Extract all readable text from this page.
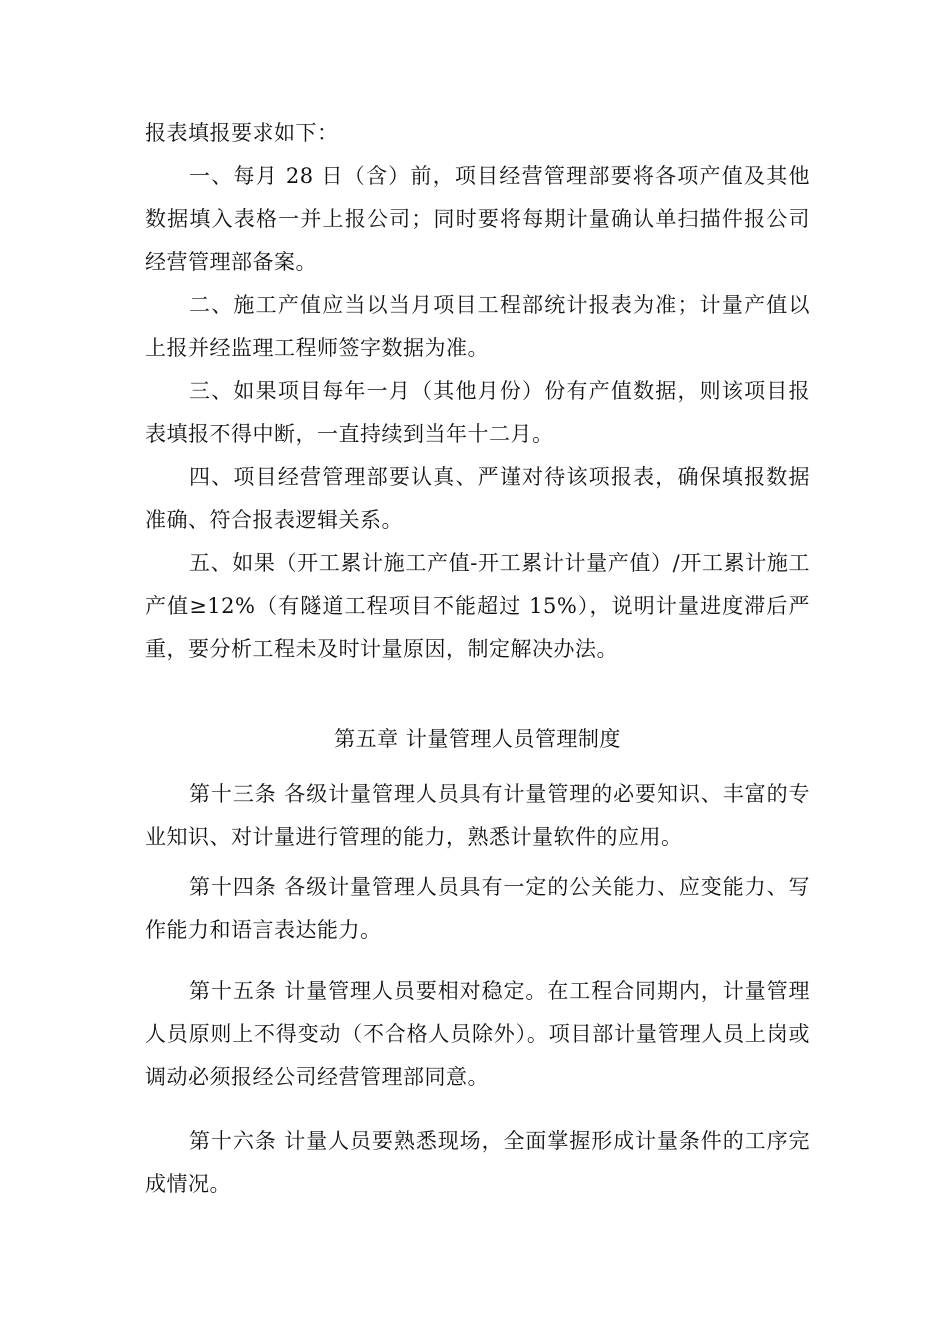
报表填报要求如下：

一、每月 28 日（含）前，项目经营管理部要将各项产值及其他数据填入表格一并上报公司；同时要将每期计量确认单扫描件报公司经营管理部备案。

二、施工产值应当以当月项目工程部统计报表为准；计量产值以上报并经监理工程师签字数据为准。

三、如果项目每年一月（其他月份）份有产值数据，则该项目报表填报不得中断，一直持续到当年十二月。

四、项目经营管理部要认真、严谨对待该项报表，确保填报数据准确、符合报表逻辑关系。

五、如果（开工累计施工产值-开工累计计量产值）/开工累计施工产值≥12%（有隧道工程项目不能超过 15%），说明计量进度滞后严重，要分析工程未及时计量原因，制定解决办法。

第五章 计量管理人员管理制度

第十三条 各级计量管理人员具有计量管理的必要知识、丰富的专业知识、对计量进行管理的能力，熟悉计量软件的应用。

第十四条 各级计量管理人员具有一定的公关能力、应变能力、写作能力和语言表达能力。

第十五条 计量管理人员要相对稳定。在工程合同期内，计量管理人员原则上不得变动（不合格人员除外）。项目部计量管理人员上岗或调动必须报经公司经营管理部同意。

第十六条 计量人员要熟悉现场，全面掌握形成计量条件的工序完成情况。
